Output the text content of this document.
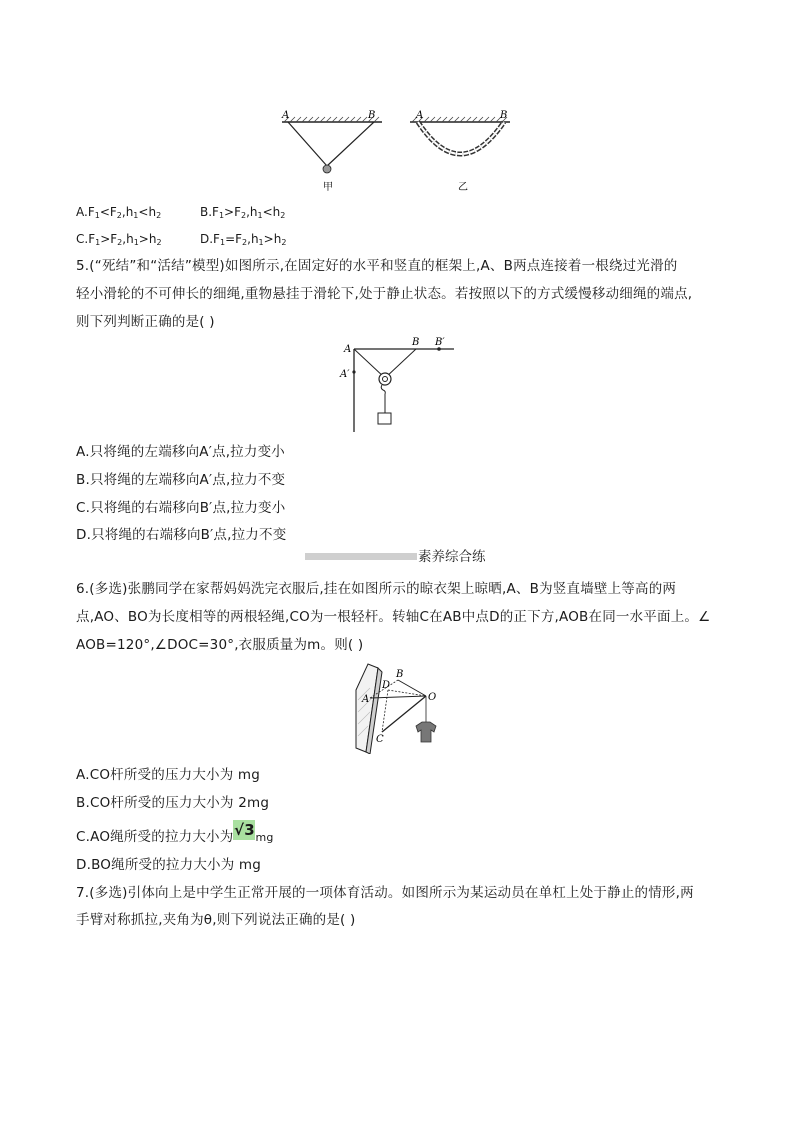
A	B
甲
A	B
乙
$A.F_1<F_2,h_1<h_2$	$B.F_1>F_2,h_1<h_2$
$C.F_1>F_2,h_1>h_2$	$D.F_1=F_2,h_1>h_2$
5.(“死结”和“活结”模型)如图所示,在固定好的水平和竖直的框架上,A、B两点连接着一根绕过光滑的
轻小滑轮的不可伸长的细绳,重物悬挂于滑轮下,处于静止状态。若按照以下的方式缓慢移动细绳的端点,
则下列判断正确的是( )
A
B B′
A′
A.只将绳的左端移向A′点,拉力变小
B.只将绳的左端移向A′点,拉力不变
C.只将绳的右端移向B′点,拉力变小
D.只将绳的右端移向B′点,拉力不变
素养综合练
6.(多选)张鹏同学在家帮妈妈洗完衣服后,挂在如图所示的晾衣架上晾晒,A、B为竖直墙壁上等高的两
点,AO、BO为长度相等的两根轻绳,CO为一根轻杆。转轴C在AB中点D的正下方,AOB在同一水平面上。∠
AOB=120°,∠DOC=30°,衣服质量为m。则( )
A
B
D
O
C
A.CO杆所受的压力大小为 mg
B.CO杆所受的压力大小为 2mg
C.AO绳所受的拉力大小为√3mg
D.BO绳所受的拉力大小为 mg
7.(多选)引体向上是中学生正常开展的一项体育活动。如图所示为某运动员在单杠上处于静止的情形,两
手臂对称抓拉,夹角为θ,则下列说法正确的是( )
